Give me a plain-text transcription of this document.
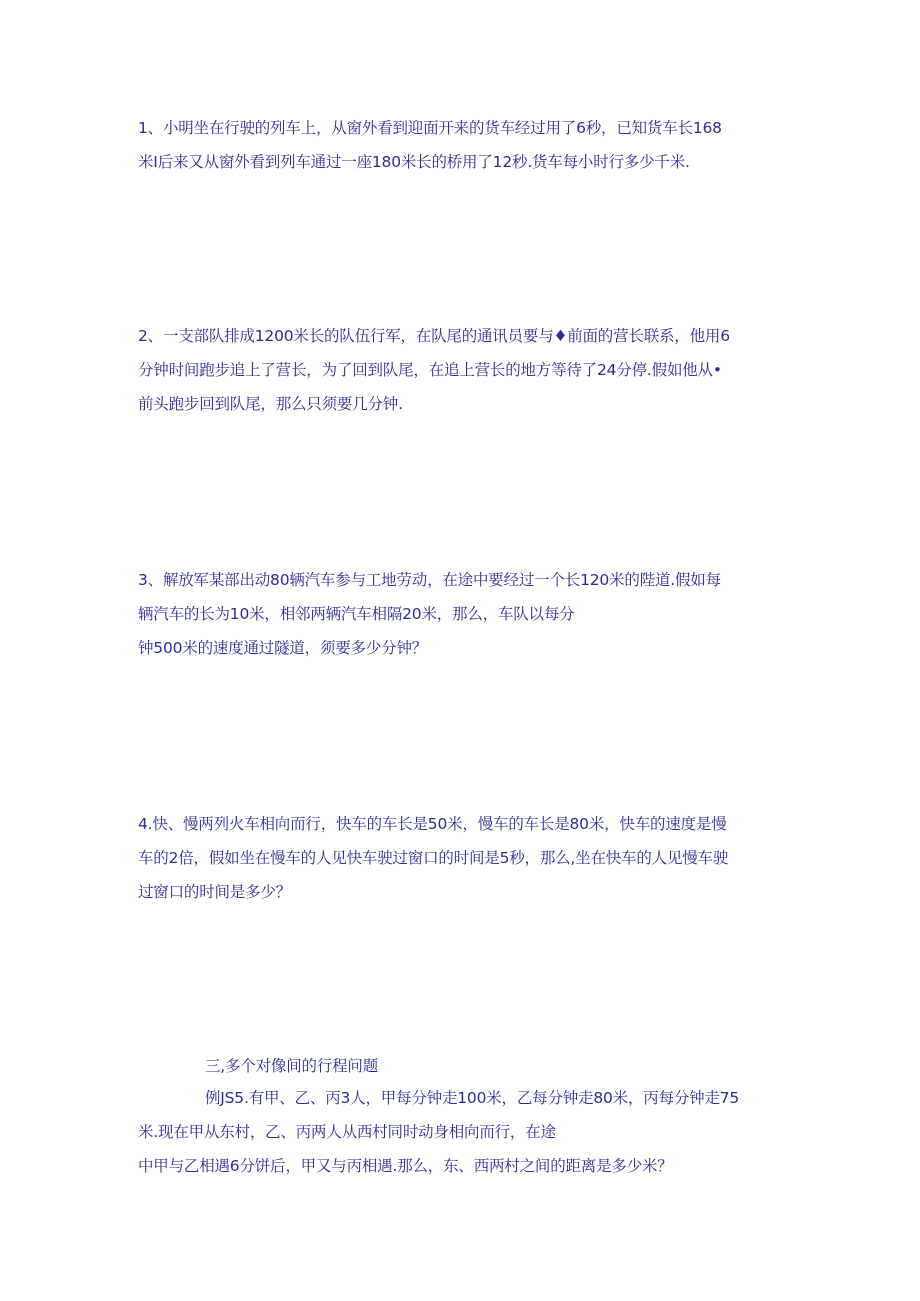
1、小明坐在行驶的列车上，从窗外看到迎面开来的货车经过用了6秒，已知货车长168
米I后来又从窗外看到列车通过一座180米长的桥用了12秒.货车每小时行多少千米.
2、一支部队排成1200米长的队伍行军，在队尾的通讯员要与♦前面的营长联系，他用6
分钟时间跑步追上了营长，为了回到队尾，在追上营长的地方等待了24分停.假如他从•
前头跑步回到队尾，那么只须要几分钟.
3、解放军某部出动80辆汽车参与工地劳动，在途中要经过一个长120米的陛道.假如每
辆汽车的长为10米，相邻两辆汽车相隔20米，那么，车队以每分
钟500米的速度通过隧道，须要多少分钟？
4.快、慢两列火车相向而行，快车的车长是50米，慢车的车长是80米，快车的速度是慢
车的2倍，假如坐在慢车的人见快车驶过窗口的时间是5秒，那么,坐在快车的人见慢车驶
过窗口的时间是多少？
三,多个对像间的行程问题
例JS5.有甲、乙、丙3人，甲每分钟走100米，乙每分钟走80米，丙每分钟走75
米.现在甲从东村，乙、丙两人从西村同时动身相向而行，在途
中甲与乙相遇6分饼后，甲又与丙相遇.那么，东、西两村之间的距离是多少米？
